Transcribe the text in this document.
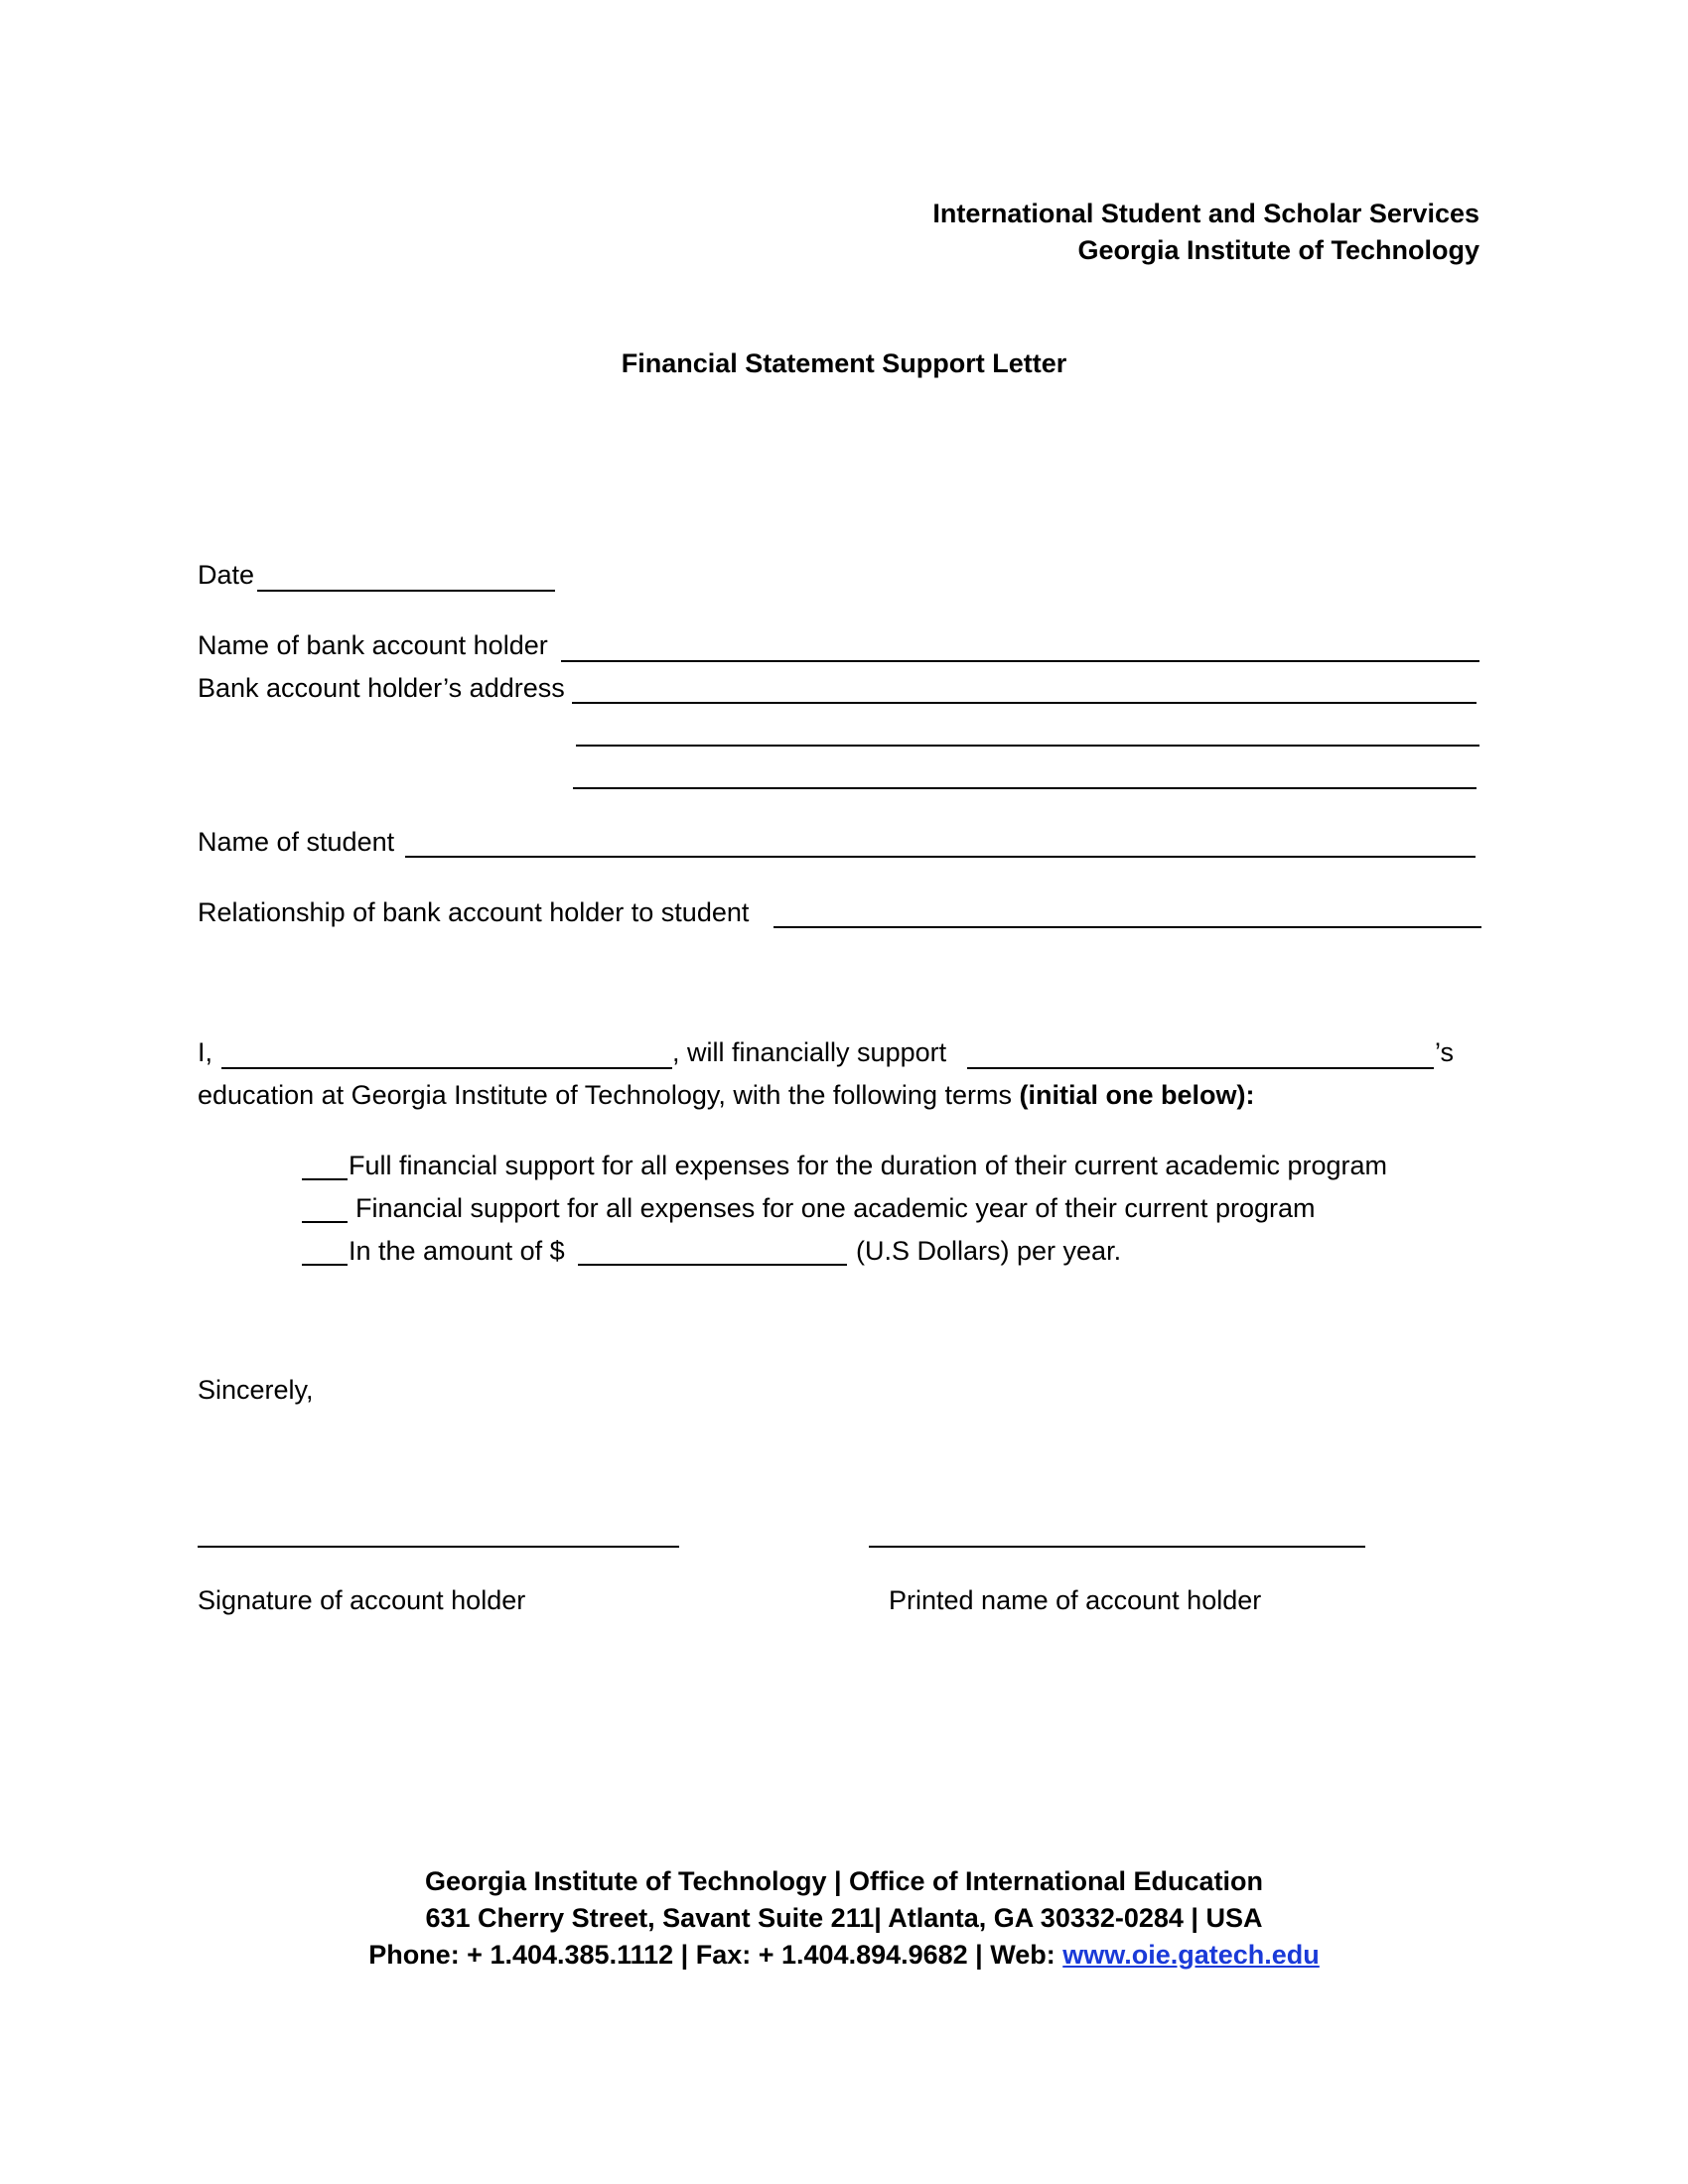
International Student and Scholar Services
Georgia Institute of Technology
Financial Statement Support Letter
Date
Name of bank account holder
Bank account holder’s address
Name of student
Relationship of bank account holder to student
I,	, will financially support	’s
education at Georgia Institute of Technology, with the following terms (initial one below):
Full financial support for all expenses for the duration of their current academic program
Financial support for all expenses for one academic year of their current program
In the amount of $	(U.S Dollars) per year.
Sincerely,
Signature of account holder	Printed name of account holder
Georgia Institute of Technology | Office of International Education
631 Cherry Street, Savant Suite 211| Atlanta, GA 30332-0284 | USA
Phone: + 1.404.385.1112 | Fax: + 1.404.894.9682 | Web: www.oie.gatech.edu
